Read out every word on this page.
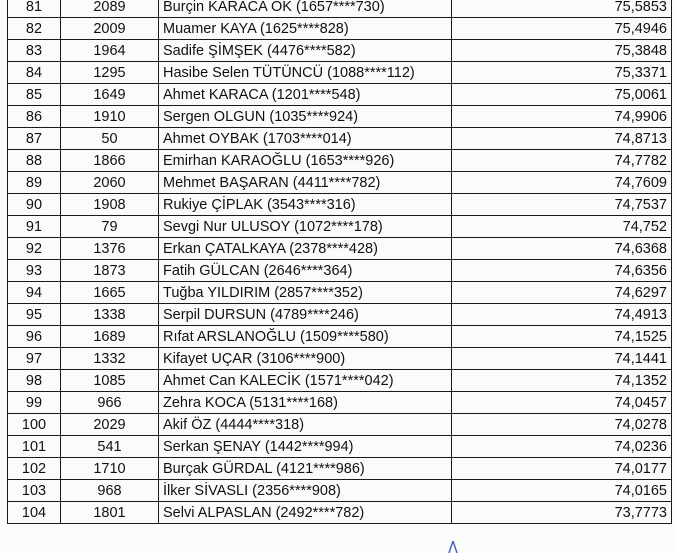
81	2089	Burçin KARACA OK (1657****730)	75,5853
82	2009	Muamer KAYA (1625****828)	75,4946
83	1964	Sadife ŞİMŞEK (4476****582)	75,3848
84	1295	Hasibe Selen TÜTÜNCÜ (1088****112)	75,3371
85	1649	Ahmet KARACA (1201****548)	75,0061
86	1910	Sergen OLGUN (1035****924)	74,9906
87	50	Ahmet OYBAK (1703****014)	74,8713
88	1866	Emirhan KARAOĞLU (1653****926)	74,7782
89	2060	Mehmet BAŞARAN (4411****782)	74,7609
90	1908	Rukiye ÇİPLAK (3543****316)	74,7537
91	79	Sevgi Nur ULUSOY (1072****178)	74,752
92	1376	Erkan ÇATALKAYA (2378****428)	74,6368
93	1873	Fatih GÜLCAN (2646****364)	74,6356
94	1665	Tuğba YILDIRIM (2857****352)	74,6297
95	1338	Serpil DURSUN (4789****246)	74,4913
96	1689	Rıfat ARSLANOĞLU (1509****580)	74,1525
97	1332	Kifayet UÇAR (3106****900)	74,1441
98	1085	Ahmet Can KALECİK (1571****042)	74,1352
99	966	Zehra KOCA (5131****168)	74,0457
100	2029	Akif ÖZ (4444****318)	74,0278
101	541	Serkan ŞENAY (1442****994)	74,0236
102	1710	Burçak GÜRDAL (4121****986)	74,0177
103	968	İlker SİVASLI (2356****908)	74,0165
104	1801	Selvi ALPASLAN (2492****782)	73,7773
